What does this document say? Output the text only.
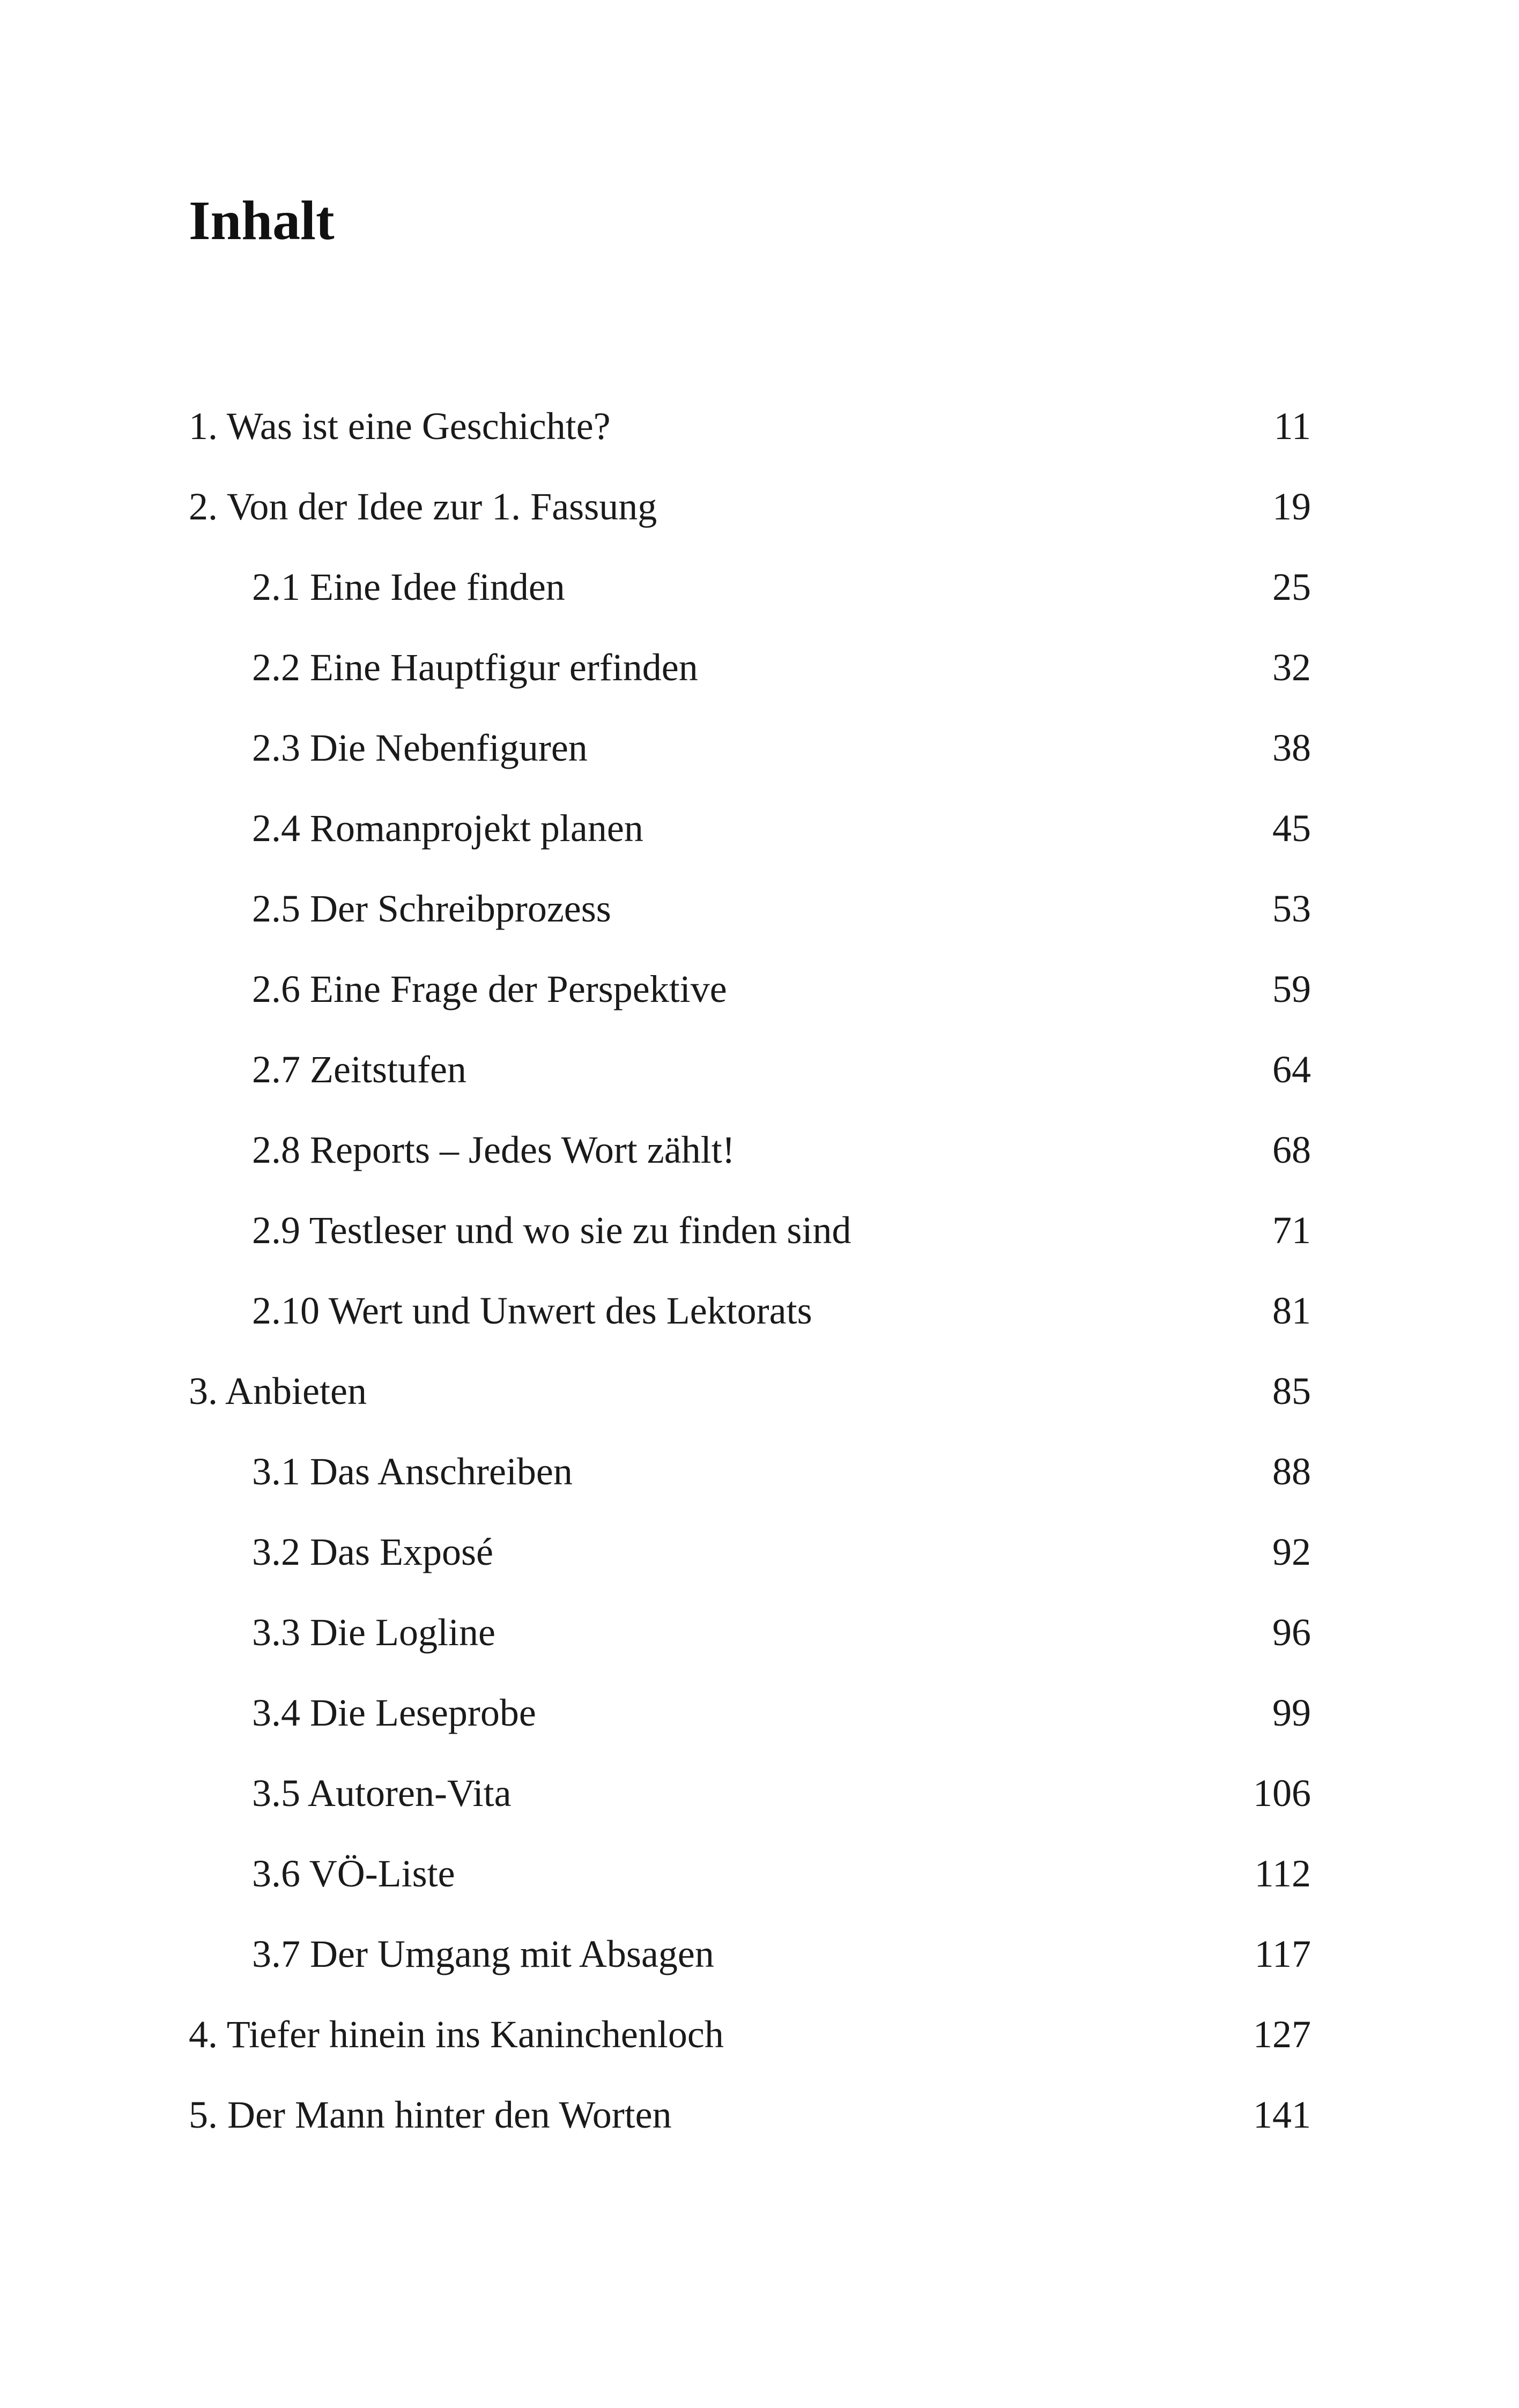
Inhalt
1. Was ist eine Geschichte?	11
2. Von der Idee zur 1. Fassung	19
2.1 Eine Idee finden	25
2.2 Eine Hauptfigur erfinden	32
2.3 Die Nebenfiguren	38
2.4 Romanprojekt planen	45
2.5 Der Schreibprozess	53
2.6 Eine Frage der Perspektive	59
2.7 Zeitstufen	64
2.8 Reports – Jedes Wort zählt!	68
2.9 Testleser und wo sie zu finden sind	71
2.10 Wert und Unwert des Lektorats	81
3. Anbieten	85
3.1 Das Anschreiben	88
3.2 Das Exposé	92
3.3 Die Logline	96
3.4 Die Leseprobe	99
3.5 Autoren-Vita	106
3.6 VÖ-Liste	112
3.7 Der Umgang mit Absagen	117
4. Tiefer hinein ins Kaninchenloch	127
5. Der Mann hinter den Worten	141
